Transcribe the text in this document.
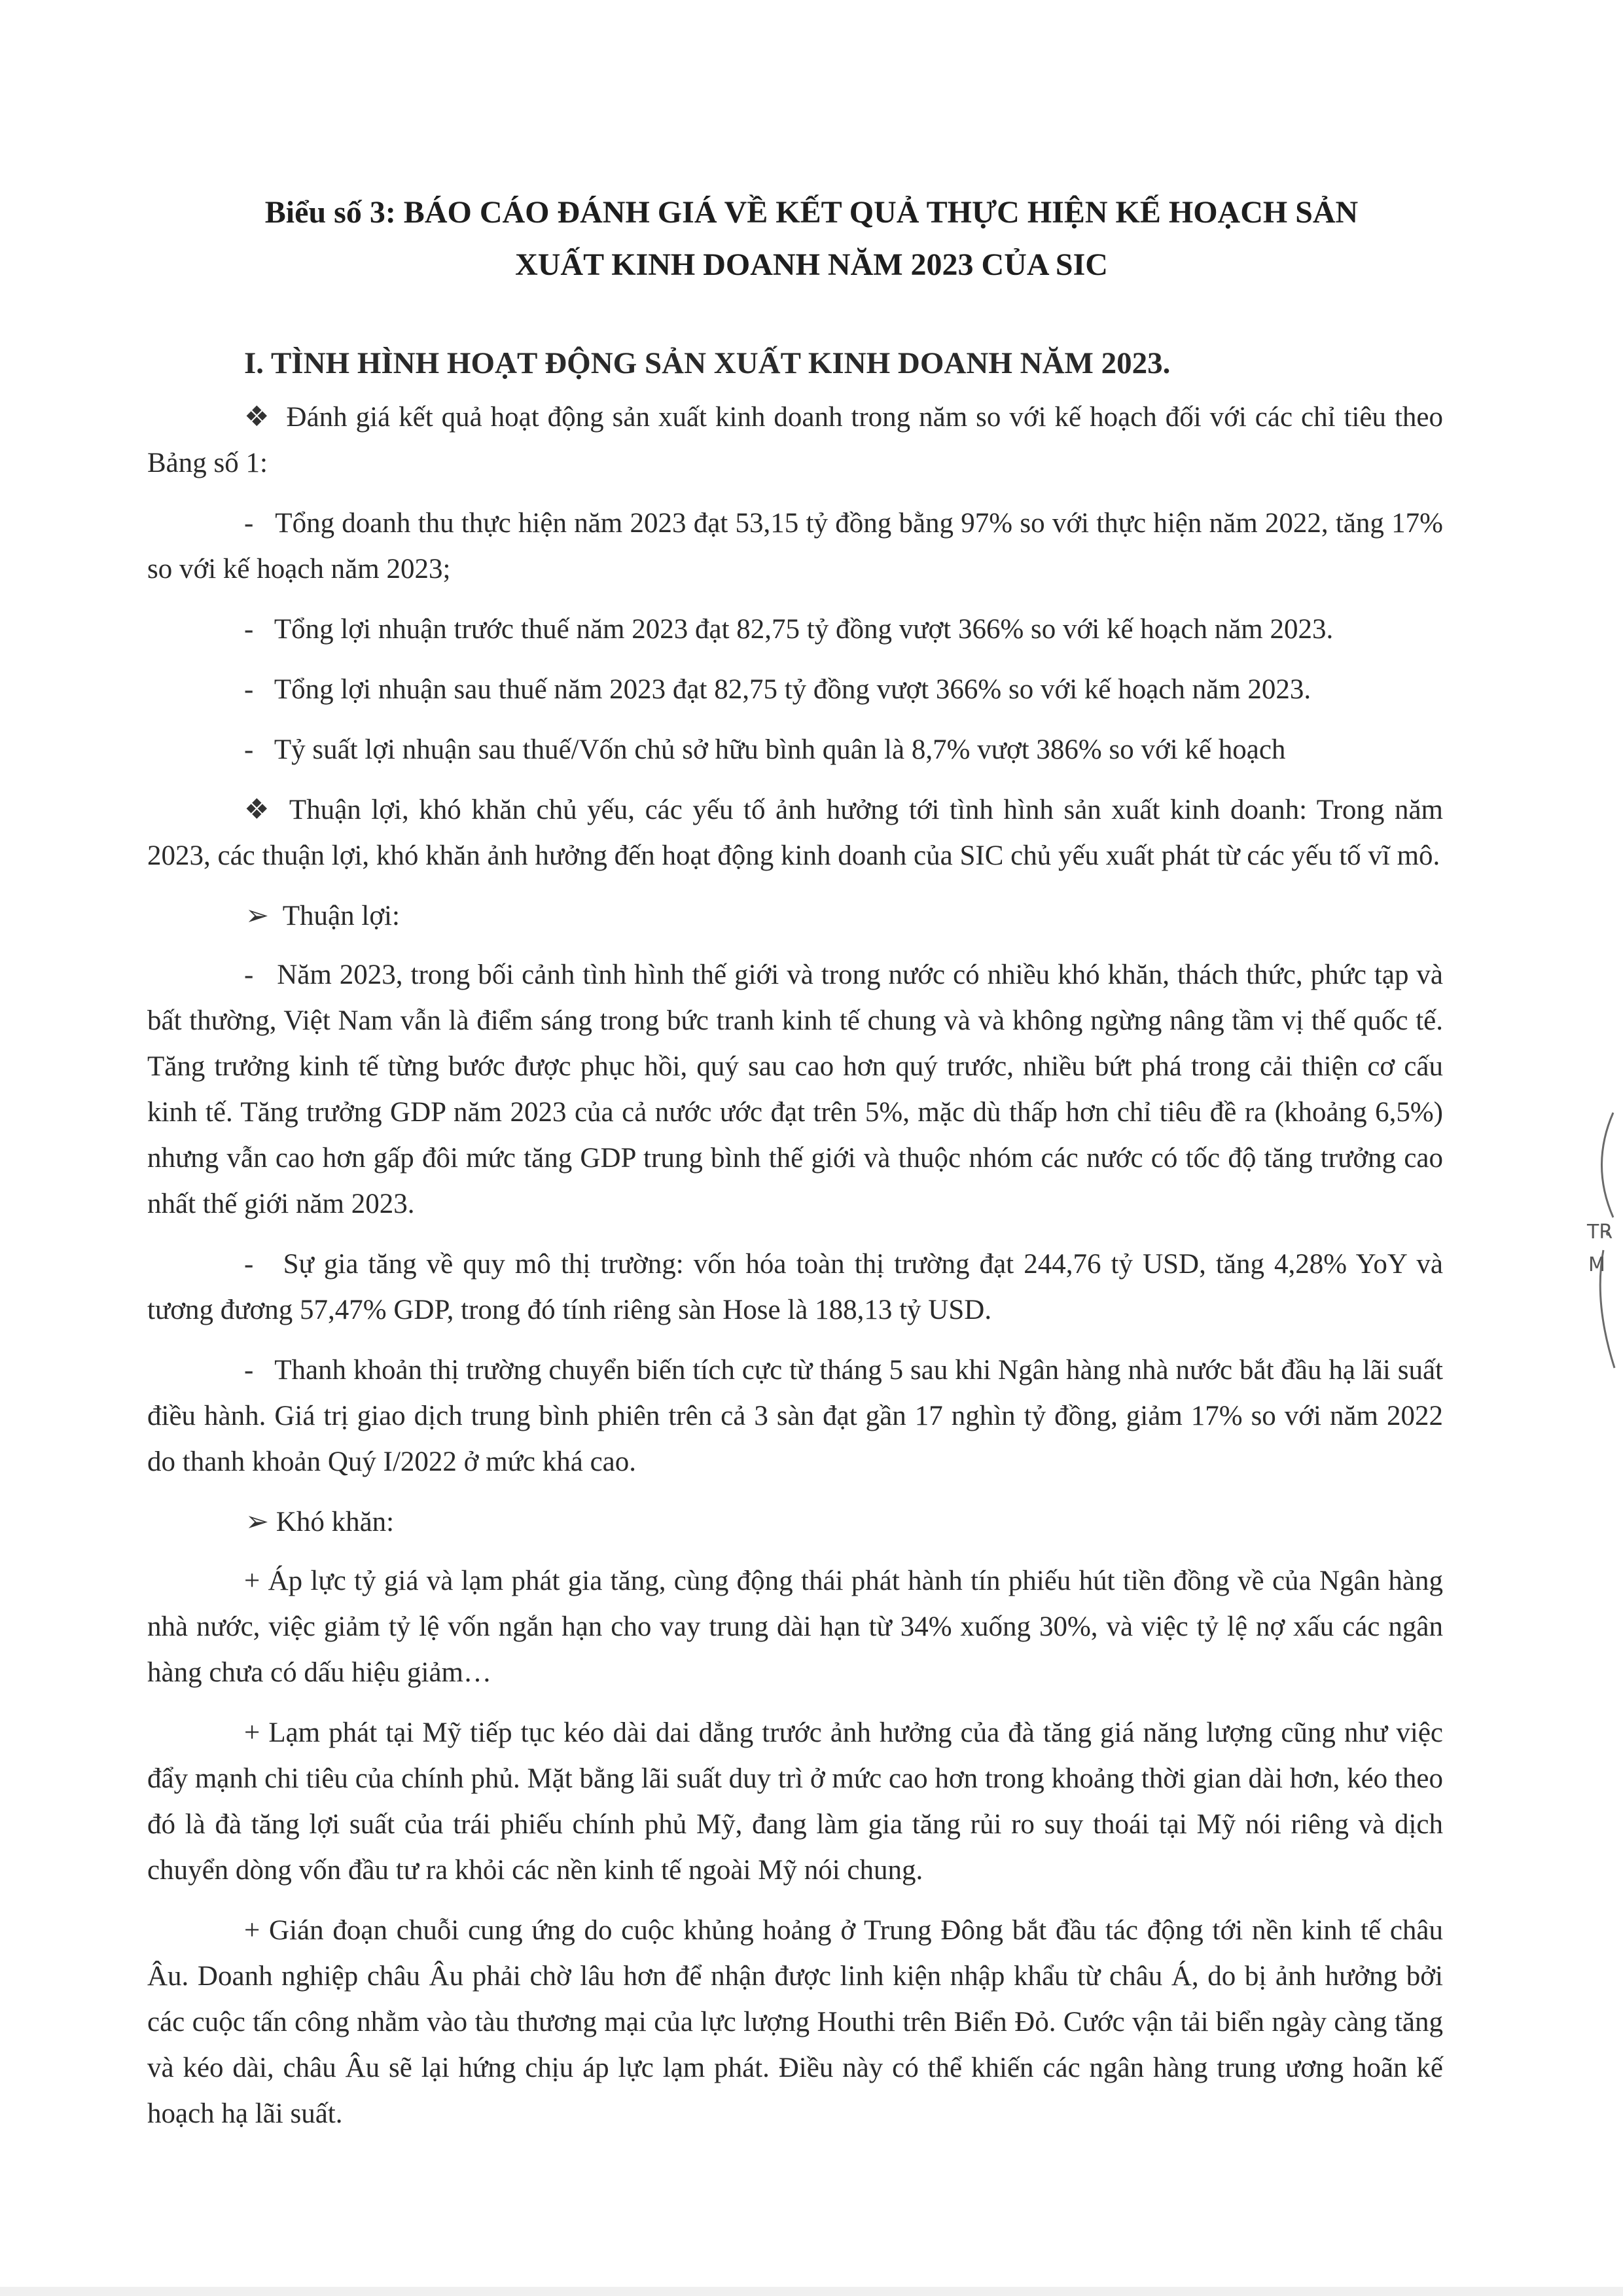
Biểu số 3: BÁO CÁO ĐÁNH GIÁ VỀ KẾT QUẢ THỰC HIỆN KẾ HOẠCH SẢN
XUẤT KINH DOANH NĂM 2023 CỦA SIC
I. TÌNH HÌNH HOẠT ĐỘNG SẢN XUẤT KINH DOANH NĂM 2023.

❖ Đánh giá kết quả hoạt động sản xuất kinh doanh trong năm so với kế hoạch đối với các chỉ tiêu theo Bảng số 1:

- Tổng doanh thu thực hiện năm 2023 đạt 53,15 tỷ đồng bằng 97% so với thực hiện năm 2022, tăng 17% so với kế hoạch năm 2023;

- Tổng lợi nhuận trước thuế năm 2023 đạt 82,75 tỷ đồng vượt 366% so với kế hoạch năm 2023.

- Tổng lợi nhuận sau thuế năm 2023 đạt 82,75 tỷ đồng vượt 366% so với kế hoạch năm 2023.

- Tỷ suất lợi nhuận sau thuế/Vốn chủ sở hữu bình quân là 8,7% vượt 386% so với kế hoạch

❖ Thuận lợi, khó khăn chủ yếu, các yếu tố ảnh hưởng tới tình hình sản xuất kinh doanh: Trong năm 2023, các thuận lợi, khó khăn ảnh hưởng đến hoạt động kinh doanh của SIC chủ yếu xuất phát từ các yếu tố vĩ mô.

➢ Thuận lợi:

- Năm 2023, trong bối cảnh tình hình thế giới và trong nước có nhiều khó khăn, thách thức, phức tạp và bất thường, Việt Nam vẫn là điểm sáng trong bức tranh kinh tế chung và và không ngừng nâng tầm vị thế quốc tế. Tăng trưởng kinh tế từng bước được phục hồi, quý sau cao hơn quý trước, nhiều bứt phá trong cải thiện cơ cấu kinh tế. Tăng trưởng GDP năm 2023 của cả nước ước đạt trên 5%, mặc dù thấp hơn chỉ tiêu đề ra (khoảng 6,5%) nhưng vẫn cao hơn gấp đôi mức tăng GDP trung bình thế giới và thuộc nhóm các nước có tốc độ tăng trưởng cao nhất thế giới năm 2023.

- Sự gia tăng về quy mô thị trường: vốn hóa toàn thị trường đạt 244,76 tỷ USD, tăng 4,28% YoY và tương đương 57,47% GDP, trong đó tính riêng sàn Hose là 188,13 tỷ USD.

- Thanh khoản thị trường chuyển biến tích cực từ tháng 5 sau khi Ngân hàng nhà nước bắt đầu hạ lãi suất điều hành. Giá trị giao dịch trung bình phiên trên cả 3 sàn đạt gần 17 nghìn tỷ đồng, giảm 17% so với năm 2022 do thanh khoản Quý I/2022 ở mức khá cao.

➢ Khó khăn:

+ Áp lực tỷ giá và lạm phát gia tăng, cùng động thái phát hành tín phiếu hút tiền đồng về của Ngân hàng nhà nước, việc giảm tỷ lệ vốn ngắn hạn cho vay trung dài hạn từ 34% xuống 30%, và việc tỷ lệ nợ xấu các ngân hàng chưa có dấu hiệu giảm…

+ Lạm phát tại Mỹ tiếp tục kéo dài dai dẳng trước ảnh hưởng của đà tăng giá năng lượng cũng như việc đẩy mạnh chi tiêu của chính phủ. Mặt bằng lãi suất duy trì ở mức cao hơn trong khoảng thời gian dài hơn, kéo theo đó là đà tăng lợi suất của trái phiếu chính phủ Mỹ, đang làm gia tăng rủi ro suy thoái tại Mỹ nói riêng và dịch chuyển dòng vốn đầu tư ra khỏi các nền kinh tế ngoài Mỹ nói chung.

+ Gián đoạn chuỗi cung ứng do cuộc khủng hoảng ở Trung Đông bắt đầu tác động tới nền kinh tế châu Âu. Doanh nghiệp châu Âu phải chờ lâu hơn để nhận được linh kiện nhập khẩu từ châu Á, do bị ảnh hưởng bởi các cuộc tấn công nhằm vào tàu thương mại của lực lượng Houthi trên Biển Đỏ. Cước vận tải biển ngày càng tăng và kéo dài, châu Âu sẽ lại hứng chịu áp lực lạm phát. Điều này có thể khiến các ngân hàng trung ương hoãn kế hoạch hạ lãi suất.

TR
M
